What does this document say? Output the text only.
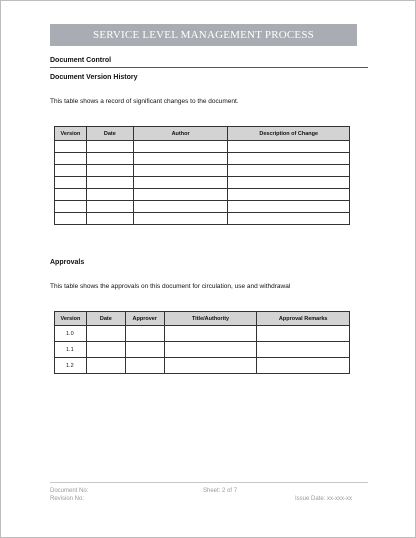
SERVICE LEVEL MANAGEMENT PROCESS
Document Control
Document Version History
This table shows a record of significant changes to the document.
Version	Date	Author	Description of Change

Approvals
This table shows the approvals on this document for circulation, use and withdrawal
Version	Date	Approver	Title/Authority	Approval Remarks
1.0				
1.1				
1.2				
Document No:
Revision No:
Sheet: 2 of 7
Issue Date: xx-xxx-xx
